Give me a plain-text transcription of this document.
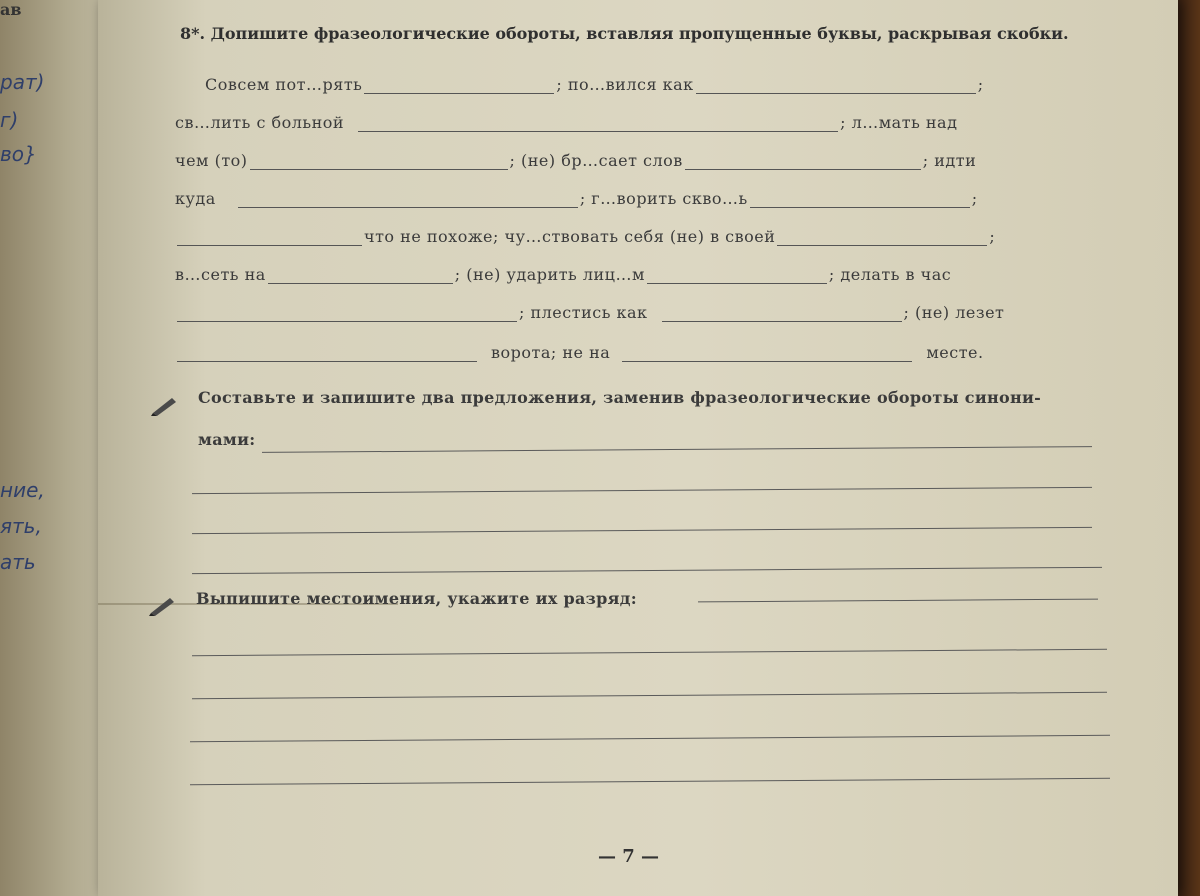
ав
рат)
г)
во}
ние,
ять,
ать
8*. Допишите фразеологические обороты, вставляя пропущенные буквы, раскрывая скобки.
Совсем пот…рять	; по…вился как	;
св…лить с больной	; л…мать над
чем (то)	; (не) бр…сает слов	; идти
куда	; г…ворить скво…ь	;
что не похоже; чу…ствовать себя (не) в своей	;
в…сеть на	; (не) ударить лиц…м	; делать в час
; плестись как	; (не) лезет
ворота; не на	месте.
Составьте и запишите два предложения, заменив фразеологические обороты синони-
мами:
Выпишите местоимения, укажите их разряд:
— 7 —
